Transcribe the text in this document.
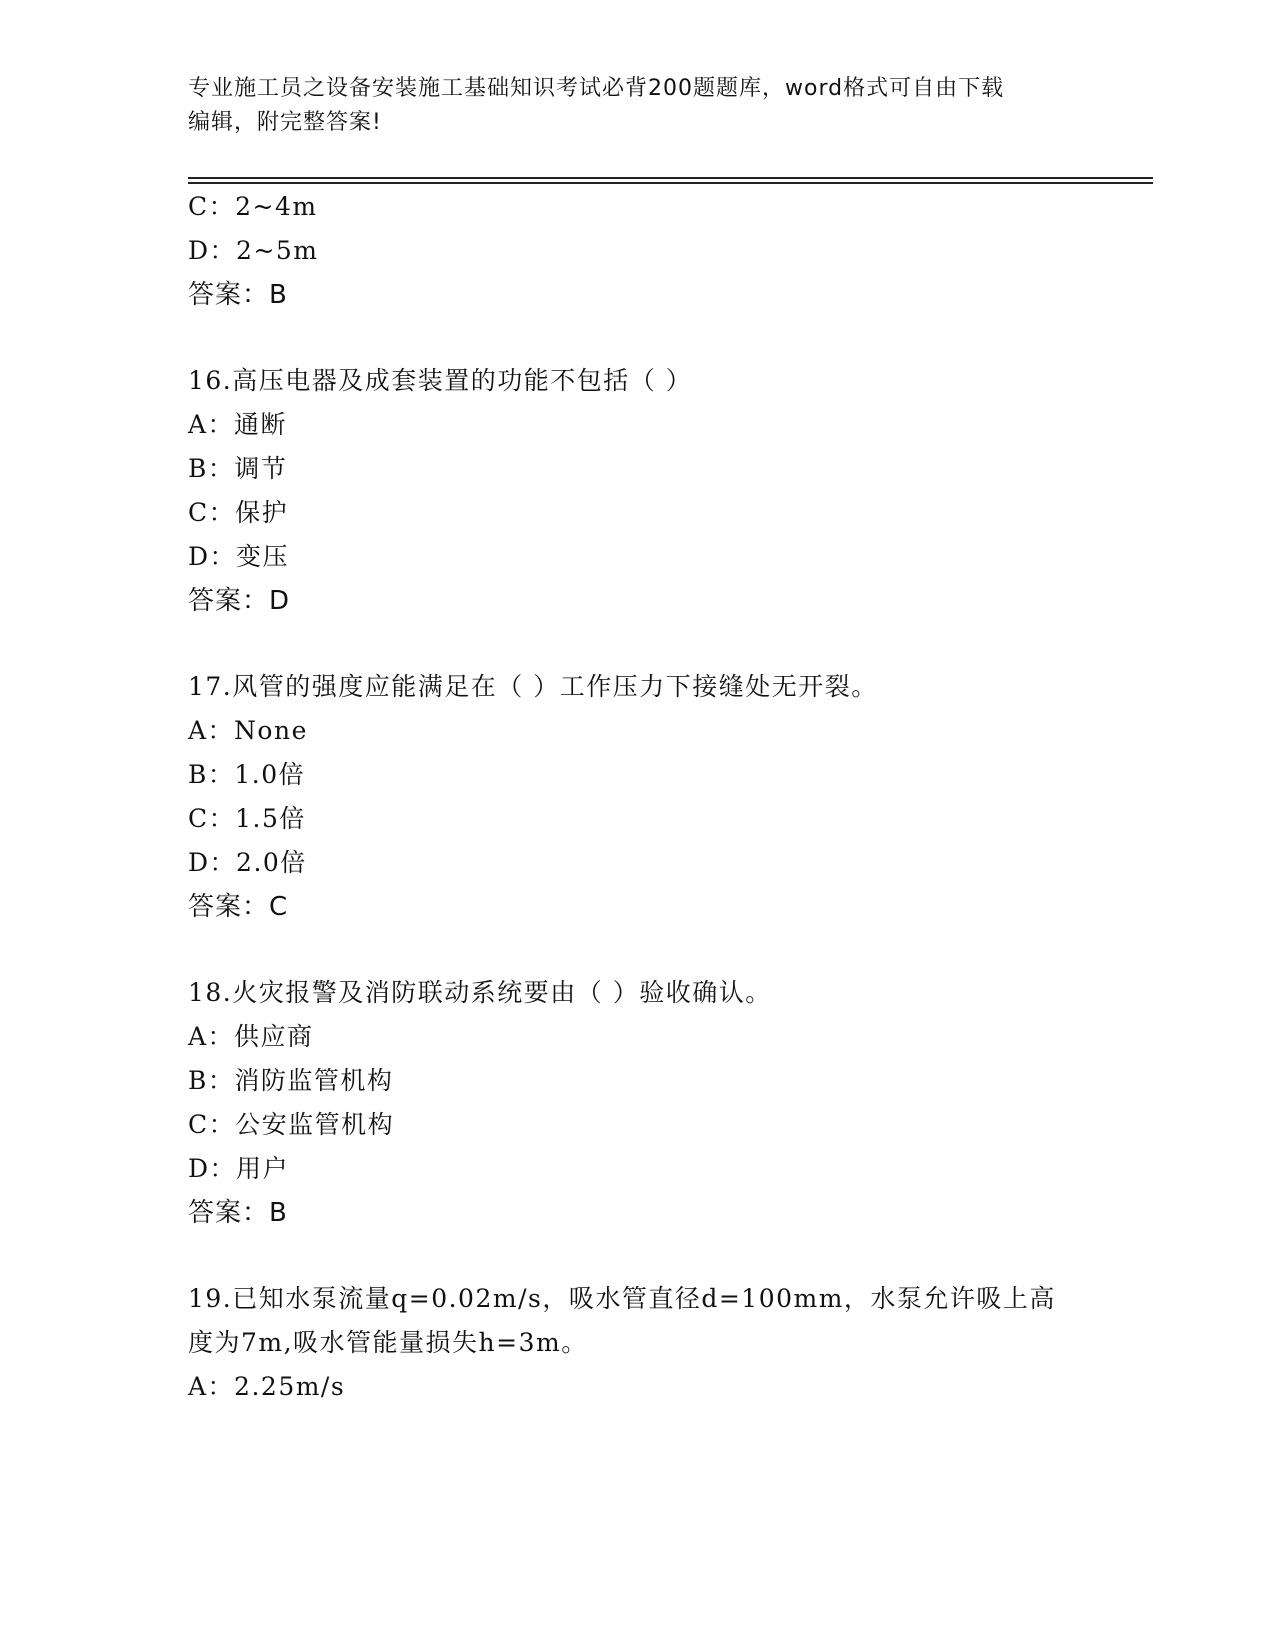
专业施工员之设备安装施工基础知识考试必背200题题库，word格式可自由下载
编辑，附完整答案!
C：2~4m
D：2~5m
答案：B
16.高压电器及成套装置的功能不包括（ ）
A：通断
B：调节
C：保护
D：变压
答案：D
17.风管的强度应能满足在（ ）工作压力下接缝处无开裂。
A：None
B：1.0倍
C：1.5倍
D：2.0倍
答案：C
18.火灾报警及消防联动系统要由（ ）验收确认。
A：供应商
B：消防监管机构
C：公安监管机构
D：用户
答案：B
19.已知水泵流量q=0.02m/s，吸水管直径d=100mm，水泵允许吸上高
度为7m,吸水管能量损失h=3m。
A：2.25m/s
